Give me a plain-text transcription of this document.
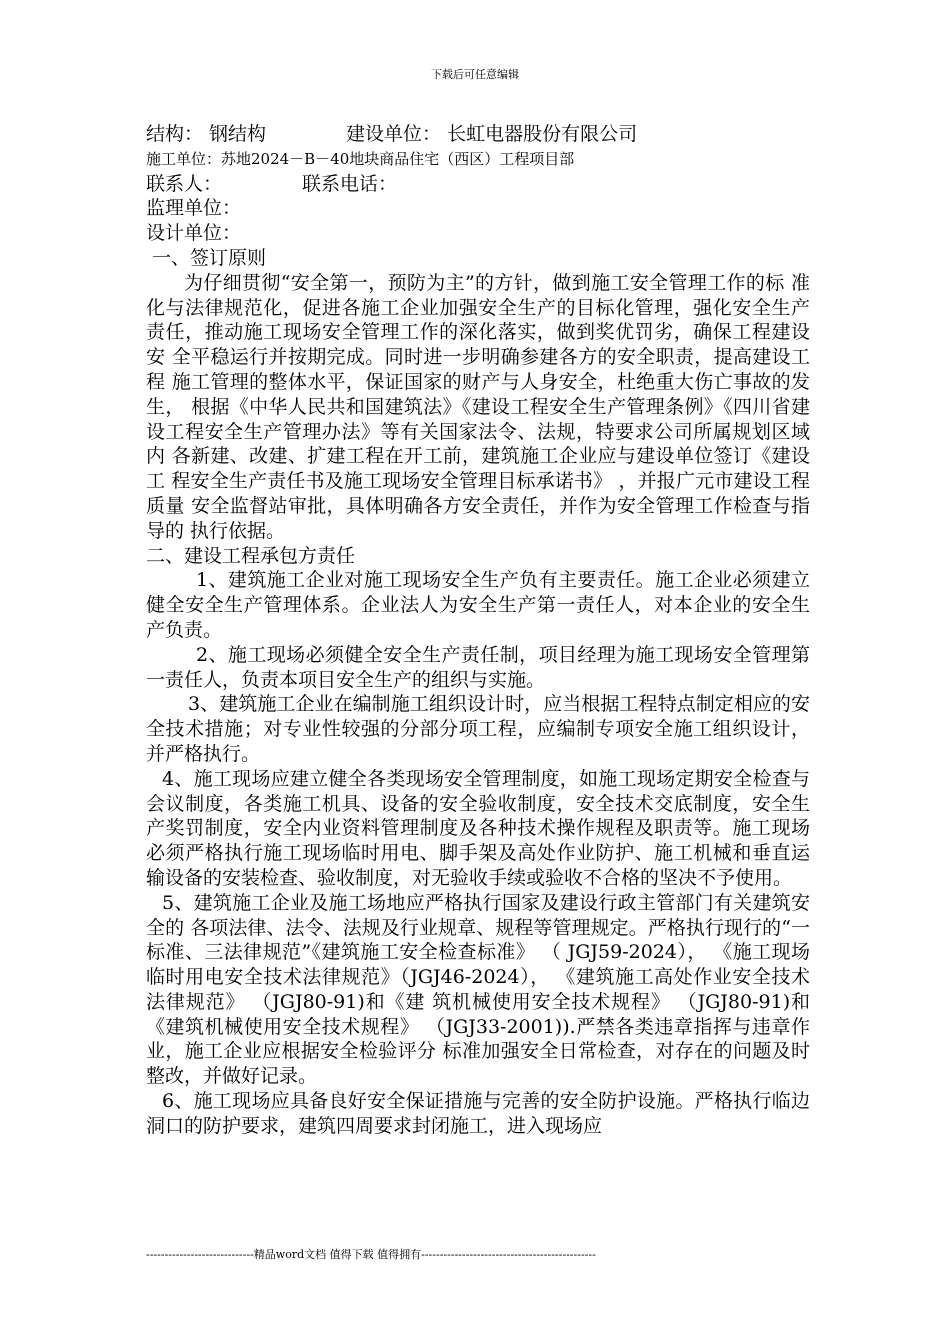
下载后可任意编辑

结构： 钢结构	建设单位： 长虹电器股份有限公司

施工单位：苏地2024－B－40地块商品住宅（西区）工程项目部

联系人：	联系电话：

监理单位：

设计单位：

一、签订原则

为仔细贯彻“安全第一，预防为主”的方针，做到施工安全管理工作的标 准化与法律规范化，促进各施工企业加强安全生产的目标化管理，强化安全生产责任，推动施工现场安全管理工作的深化落实，做到奖优罚劣，确保工程建设安 全平稳运行并按期完成。同时进一步明确参建各方的安全职责，提高建设工程 施工管理的整体水平，保证国家的财产与人身安全，杜绝重大伤亡事故的发生， 根据《中华人民共和国建筑法》《建设工程安全生产管理条例》《四川省建设工程安全生产管理办法》等有关国家法令、法规，特要求公司所属规划区域内 各新建、改建、扩建工程在开工前，建筑施工企业应与建设单位签订《建设工 程安全生产责任书及施工现场安全管理目标承诺书》 ，并报广元市建设工程质量 安全监督站审批，具体明确各方安全责任，并作为安全管理工作检查与指导的 执行依据。

二、建设工程承包方责任

1、建筑施工企业对施工现场安全生产负有主要责任。施工企业必须建立健全安全生产管理体系。企业法人为安全生产第一责任人，对本企业的安全生产负责。

2、施工现场必须健全安全生产责任制，项目经理为施工现场安全管理第一责任人，负责本项目安全生产的组织与实施。

3、建筑施工企业在编制施工组织设计时，应当根据工程特点制定相应的安全技术措施；对专业性较强的分部分项工程，应编制专项安全施工组织设计，并严格执行。

4、施工现场应建立健全各类现场安全管理制度，如施工现场定期安全检查与会议制度，各类施工机具、设备的安全验收制度，安全技术交底制度，安全生产奖罚制度，安全内业资料管理制度及各种技术操作规程及职责等。施工现场必须严格执行施工现场临时用电、脚手架及高处作业防护、施工机械和垂直运 输设备的安装检查、验收制度，对无验收手续或验收不合格的坚决不予使用。

5、建筑施工企业及施工场地应严格执行国家及建设行政主管部门有关建筑安全的 各项法律、法令、法规及行业规章、规程等管理规定。严格执行现行的“一标准、三法律规范”《建筑施工安全检查标准》 （ JGJ59-2024）， 《施工现场临时用电安全技术法律规范》（JGJ46-2024）， 《建筑施工高处作业安全技术法律规范》 （JGJ80-91)和《建 筑机械使用安全技术规程》 （JGJ80-91)和《建筑机械使用安全技术规程》 （JGJ33-2001)).严禁各类违章指挥与违章作业，施工企业应根据安全检验评分 标准加强安全日常检查，对存在的问题及时整改，并做好记录。

6、施工现场应具备良好安全保证措施与完善的安全防护设施。严格执行临边洞口的防护要求，建筑四周要求封闭施工，进入现场应

-----------------------------精品word文档 值得下载 值得拥有-----------------------------------------------
